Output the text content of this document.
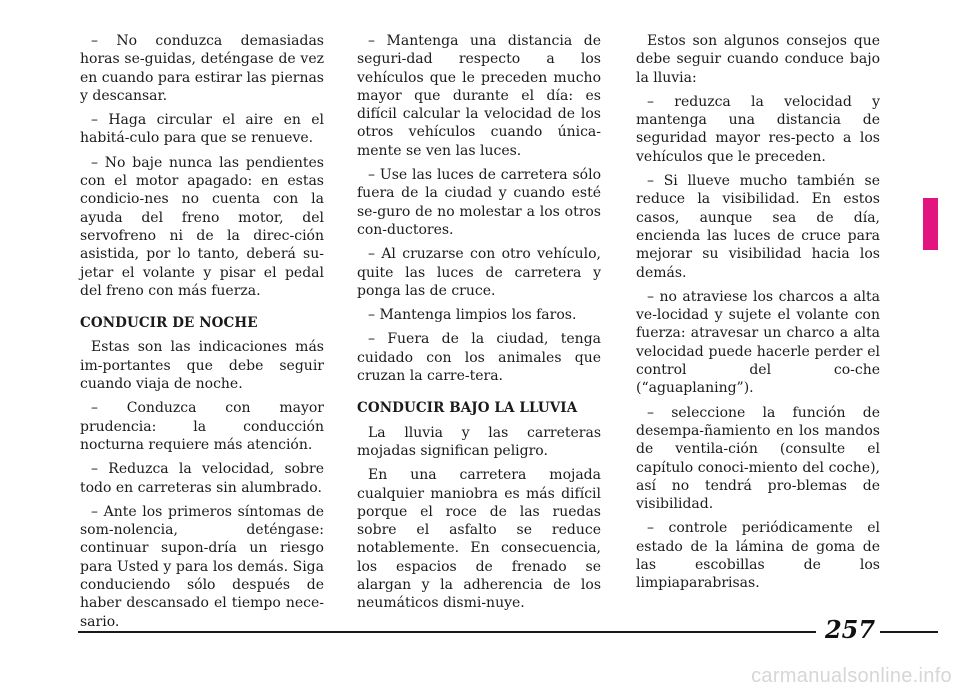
– No conduzca demasiadas horas se-guidas, deténgase de vez en cuando para estirar las piernas y descansar.

– Haga circular el aire en el habitá-culo para que se renueve.

– No baje nunca las pendientes con el motor apagado: en estas condicio-nes no cuenta con la ayuda del freno motor, del servofreno ni de la direc-ción asistida, por lo tanto, deberá su-jetar el volante y pisar el pedal del freno con más fuerza.

CONDUCIR DE NOCHE

Estas son las indicaciones más im-portantes que debe seguir cuando viaja de noche.

– Conduzca con mayor prudencia: la conducción nocturna requiere más atención.

– Reduzca la velocidad, sobre todo en carreteras sin alumbrado.

– Ante los primeros síntomas de som-nolencia, deténgase: continuar supon-dría un riesgo para Usted y para los demás. Siga conduciendo sólo después de haber descansado el tiempo nece-sario.

– Mantenga una distancia de seguri-dad respecto a los vehículos que le preceden mucho mayor que durante el día: es difícil calcular la velocidad de los otros vehículos cuando única-mente se ven las luces.

– Use las luces de carretera sólo fuera de la ciudad y cuando esté se-guro de no molestar a los otros con-ductores.

– Al cruzarse con otro vehículo, quite las luces de carretera y ponga las de cruce.

– Mantenga limpios los faros.

– Fuera de la ciudad, tenga cuidado con los animales que cruzan la carre-tera.

CONDUCIR BAJO LA LLUVIA

La lluvia y las carreteras mojadas significan peligro.

En una carretera mojada cualquier maniobra es más difícil porque el roce de las ruedas sobre el asfalto se reduce notablemente. En consecuencia, los espacios de frenado se alargan y la adherencia de los neumáticos dismi-nuye.

Estos son algunos consejos que debe seguir cuando conduce bajo la lluvia:

– reduzca la velocidad y mantenga una distancia de seguridad mayor res-pecto a los vehículos que le preceden.

– Si llueve mucho también se reduce la visibilidad. En estos casos, aunque sea de día, encienda las luces de cruce para mejorar su visibilidad hacia los demás.

– no atraviese los charcos a alta ve-locidad y sujete el volante con fuerza: atravesar un charco a alta velocidad puede hacerle perder el control del co-che (“aguaplaning”).

– seleccione la función de desempa-ñamiento en los mandos de ventila-ción (consulte el capítulo conoci-miento del coche), así no tendrá pro-blemas de visibilidad.

– controle periódicamente el estado de la lámina de goma de las escobillas de los limpiaparabrisas.

257
carmanualsonline.info
